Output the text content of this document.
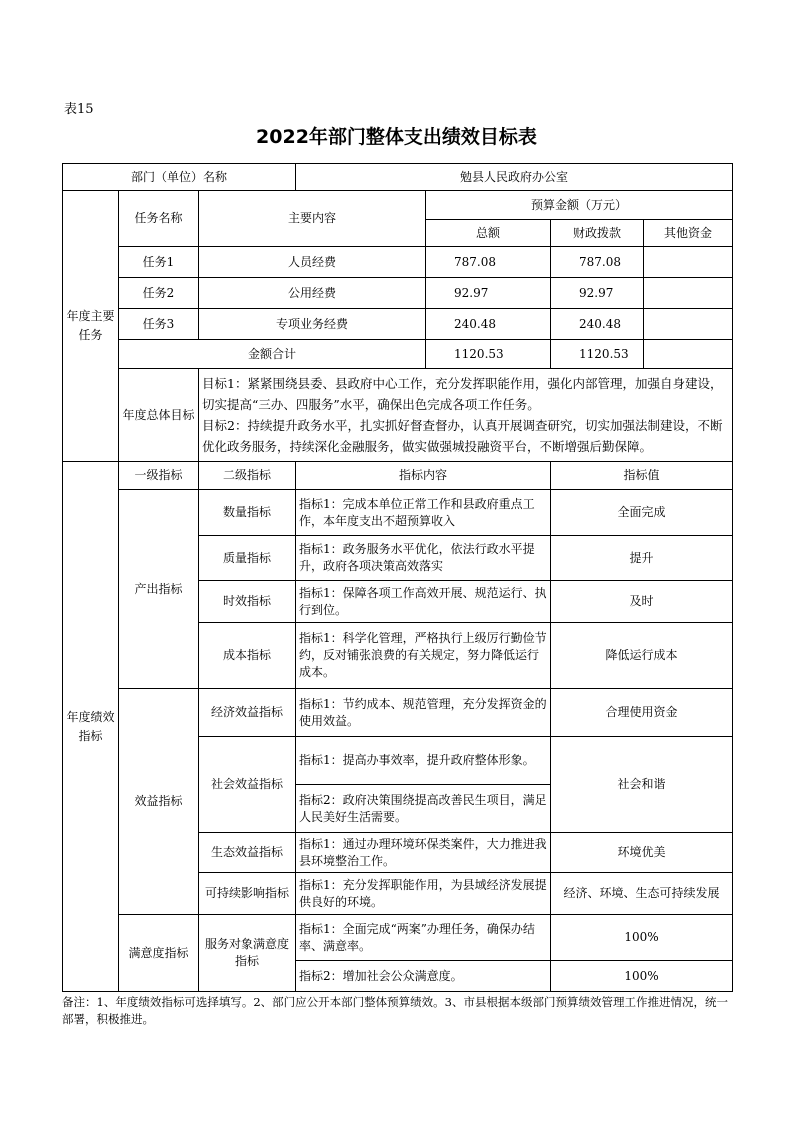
表15
2022年部门整体支出绩效目标表
部门（单位）名称			勉县人民政府办公室			
年度主要任务	任务名称	主要内容		预算金额（万元）		
				总额	财政拨款	其他资金
	任务1	人员经费		787.08	787.08	
	任务2	公用经费		92.97	92.97	
	任务3	专项业务经费		240.48	240.48	
	金额合计			1120.53	1120.53	
	年度总体目标	目标1：紧紧围绕县委、县政府中心工作，充分发挥职能作用，强化内部管理，加强自身建设，切实提高“三办、四服务”水平，确保出色完成各项工作任务。
目标2：持续提升政务水平，扎实抓好督查督办，认真开展调查研究，切实加强法制建设，不断优化政务服务，持续深化金融服务，做实做强城投融资平台，不断增强后勤保障。				
年度绩效指标	一级指标	二级指标	指标内容		指标值	
	产出指标	数量指标	指标1：完成本单位正常工作和县政府重点工作，本年度支出不超预算收入		全面完成	
		质量指标	指标1：政务服务水平优化，依法行政水平提升，政府各项决策高效落实		提升	
		时效指标	指标1：保障各项工作高效开展、规范运行、执行到位。		及时	
		成本指标	指标1：科学化管理，严格执行上级厉行勤俭节约，反对铺张浪费的有关规定，努力降低运行成本。		降低运行成本	
	效益指标	经济效益指标	指标1：节约成本、规范管理，充分发挥资金的使用效益。		合理使用资金	
		社会效益指标	指标1：提高办事效率，提升政府整体形象。		社会和谐	
			指标2：政府决策围绕提高改善民生项目，满足人民美好生活需要。			
		生态效益指标	指标1：通过办理环境环保类案件，大力推进我县环境整治工作。		环境优美	
		可持续影响指标	指标1：充分发挥职能作用，为县域经济发展提供良好的环境。		经济、环境、生态可持续发展	
	满意度指标	服务对象满意度指标	指标1：全面完成“两案”办理任务，确保办结率、满意率。		100%	
			指标2：增加社会公众满意度。		100%	
备注：1、年度绩效指标可选择填写。2、部门应公开本部门整体预算绩效。3、市县根据本级部门预算绩效管理工作推进情况，统一部署，积极推进。
